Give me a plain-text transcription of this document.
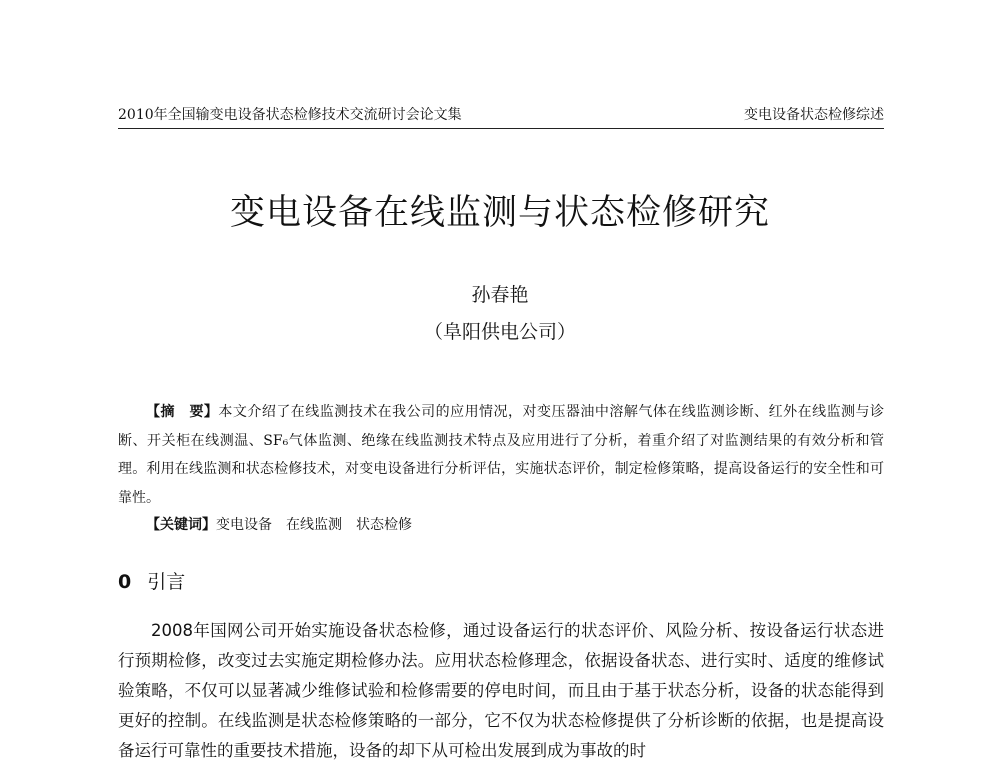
2010年全国输变电设备状态检修技术交流研讨会论文集	变电设备状态检修综述
变电设备在线监测与状态检修研究
孙春艳
（阜阳供电公司）

【摘　要】本文介绍了在线监测技术在我公司的应用情况，对变压器油中溶解气体在线监测诊断、红外在线监测与诊断、开关柜在线测温、SF₆气体监测、绝缘在线监测技术特点及应用进行了分析，着重介绍了对监测结果的有效分析和管理。利用在线监测和状态检修技术，对变电设备进行分析评估，实施状态评价，制定检修策略，提高设备运行的安全性和可靠性。

【关键词】变电设备 在线监测 状态检修
0 引言

2008年国网公司开始实施设备状态检修，通过设备运行的状态评价、风险分析、按设备运行状态进行预期检修，改变过去实施定期检修办法。应用状态检修理念，依据设备状态、进行实时、适度的维修试验策略，不仅可以显著减少维修试验和检修需要的停电时间，而且由于基于状态分析，设备的状态能得到更好的控制。在线监测是状态检修策略的一部分，它不仅为状态检修提供了分析诊断的依据，也是提高设备运行可靠性的重要技术措施，设备的却下从可检出发展到成为事故的时
